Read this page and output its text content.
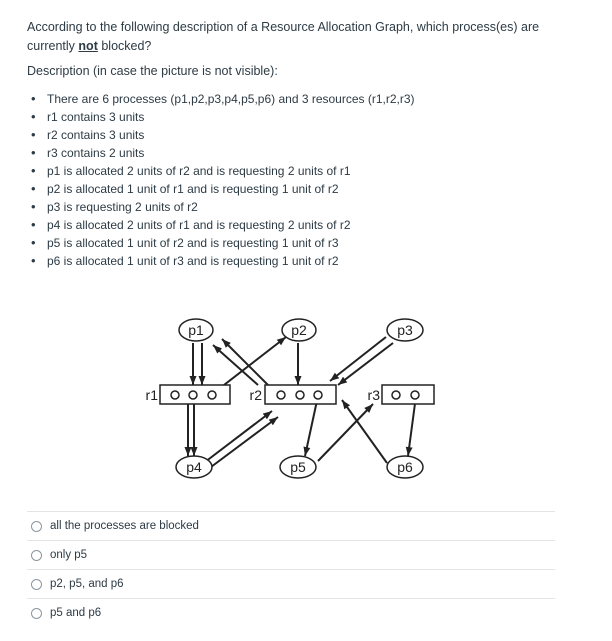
According to the following description of a Resource Allocation Graph, which process(es) are currently not blocked?
Description (in case the picture is not visible):
• There are 6 processes (p1,p2,p3,p4,p5,p6) and 3 resources (r1,r2,r3)
• r1 contains 3 units
• r2 contains 3 units
• r3 contains 2 units
• p1 is allocated 2 units of r2 and is requesting 2 units of r1
• p2 is allocated 1 unit of r1 and is requesting 1 unit of r2
• p3 is requesting 2 units of r2
• p4 is allocated 2 units of r1 and is requesting 2 units of r2
• p5 is allocated 1 unit of r2 and is requesting 1 unit of r3
• p6 is allocated 1 unit of r3 and is requesting 1 unit of r2
p1	p2	p3
p4	p5	p6
r1	r2	r3
all the processes are blocked
only p5
p2, p5, and p6
p5 and p6
